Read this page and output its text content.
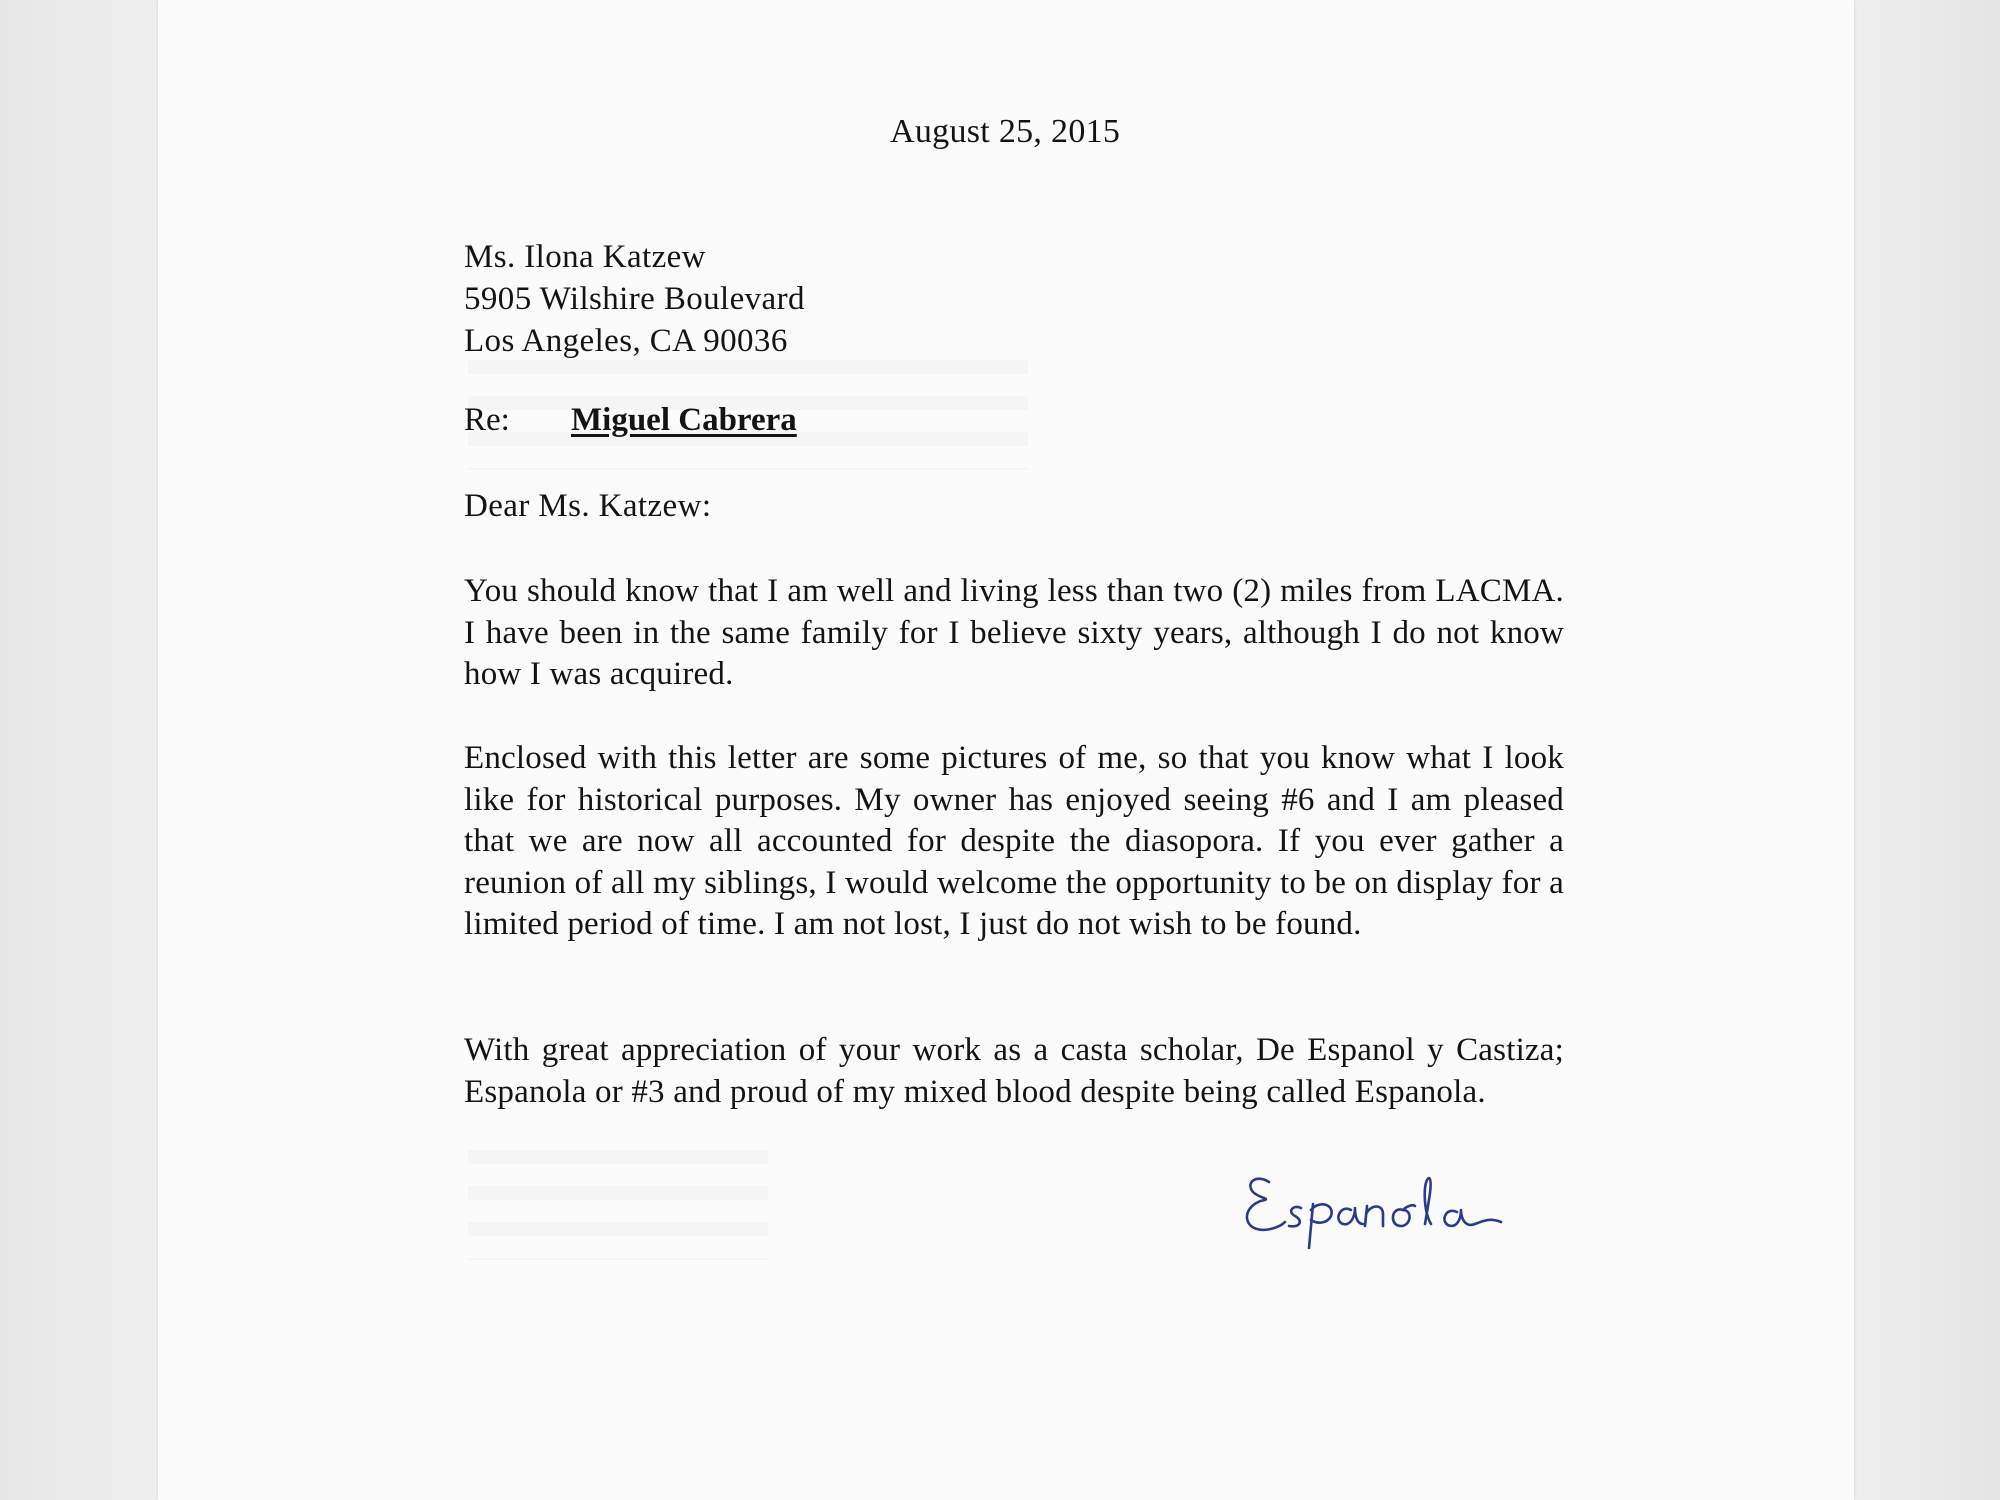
August 25, 2015
Ms. Ilona Katzew
5905 Wilshire Boulevard
Los Angeles, CA 90036
Re: Miguel Cabrera
Dear Ms. Katzew:
You should know that I am well and living less than two (2) miles from LACMA. I have been in the same family for I believe sixty years, although I do not know how I was acquired.
Enclosed with this letter are some pictures of me, so that you know what I look like for historical purposes. My owner has enjoyed seeing #6 and I am pleased that we are now all accounted for despite the diasopora. If you ever gather a reunion of all my siblings, I would welcome the opportunity to be on display for a limited period of time. I am not lost, I just do not wish to be found.
With great appreciation of your work as a casta scholar, De Espanol y Castiza; Espanola or #3 and proud of my mixed blood despite being called Espanola.
